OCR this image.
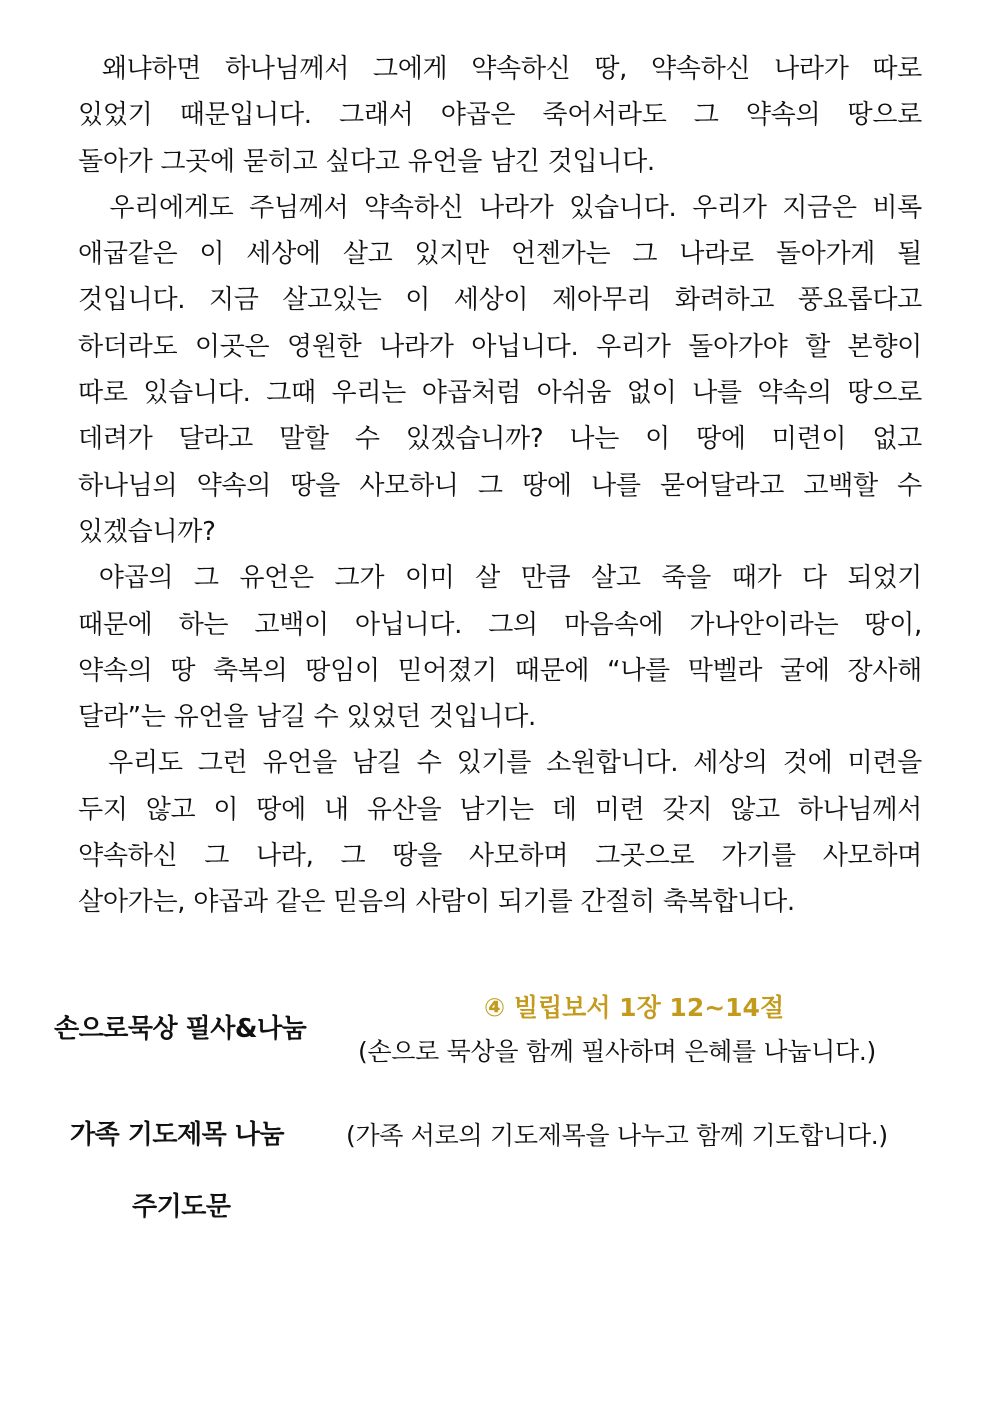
왜냐하면 하나님께서 그에게 약속하신 땅, 약속하신 나라가 따로
있었기 때문입니다. 그래서 야곱은 죽어서라도 그 약속의 땅으로
돌아가 그곳에 묻히고 싶다고 유언을 남긴 것입니다.
우리에게도 주님께서 약속하신 나라가 있습니다. 우리가 지금은 비록
애굽같은 이 세상에 살고 있지만 언젠가는 그 나라로 돌아가게 될
것입니다. 지금 살고있는 이 세상이 제아무리 화려하고 풍요롭다고
하더라도 이곳은 영원한 나라가 아닙니다. 우리가 돌아가야 할 본향이
따로 있습니다. 그때 우리는 야곱처럼 아쉬움 없이 나를 약속의 땅으로
데려가 달라고 말할 수 있겠습니까? 나는 이 땅에 미련이 없고
하나님의 약속의 땅을 사모하니 그 땅에 나를 묻어달라고 고백할 수
있겠습니까?
야곱의 그 유언은 그가 이미 살 만큼 살고 죽을 때가 다 되었기
때문에 하는 고백이 아닙니다. 그의 마음속에 가나안이라는 땅이,
약속의 땅 축복의 땅임이 믿어졌기 때문에 “나를 막벨라 굴에 장사해
달라”는 유언을 남길 수 있었던 것입니다.
우리도 그런 유언을 남길 수 있기를 소원합니다. 세상의 것에 미련을
두지 않고 이 땅에 내 유산을 남기는 데 미련 갖지 않고 하나님께서
약속하신 그 나라, 그 땅을 사모하며 그곳으로 가기를 사모하며
살아가는, 야곱과 같은 믿음의 사람이 되기를 간절히 축복합니다.
손으로묵상 필사&나눔
④ 빌립보서 1장 12~14절
(손으로 묵상을 함께 필사하며 은혜를 나눕니다.)
가족 기도제목 나눔 (가족 서로의 기도제목을 나누고 함께 기도합니다.)
주기도문
